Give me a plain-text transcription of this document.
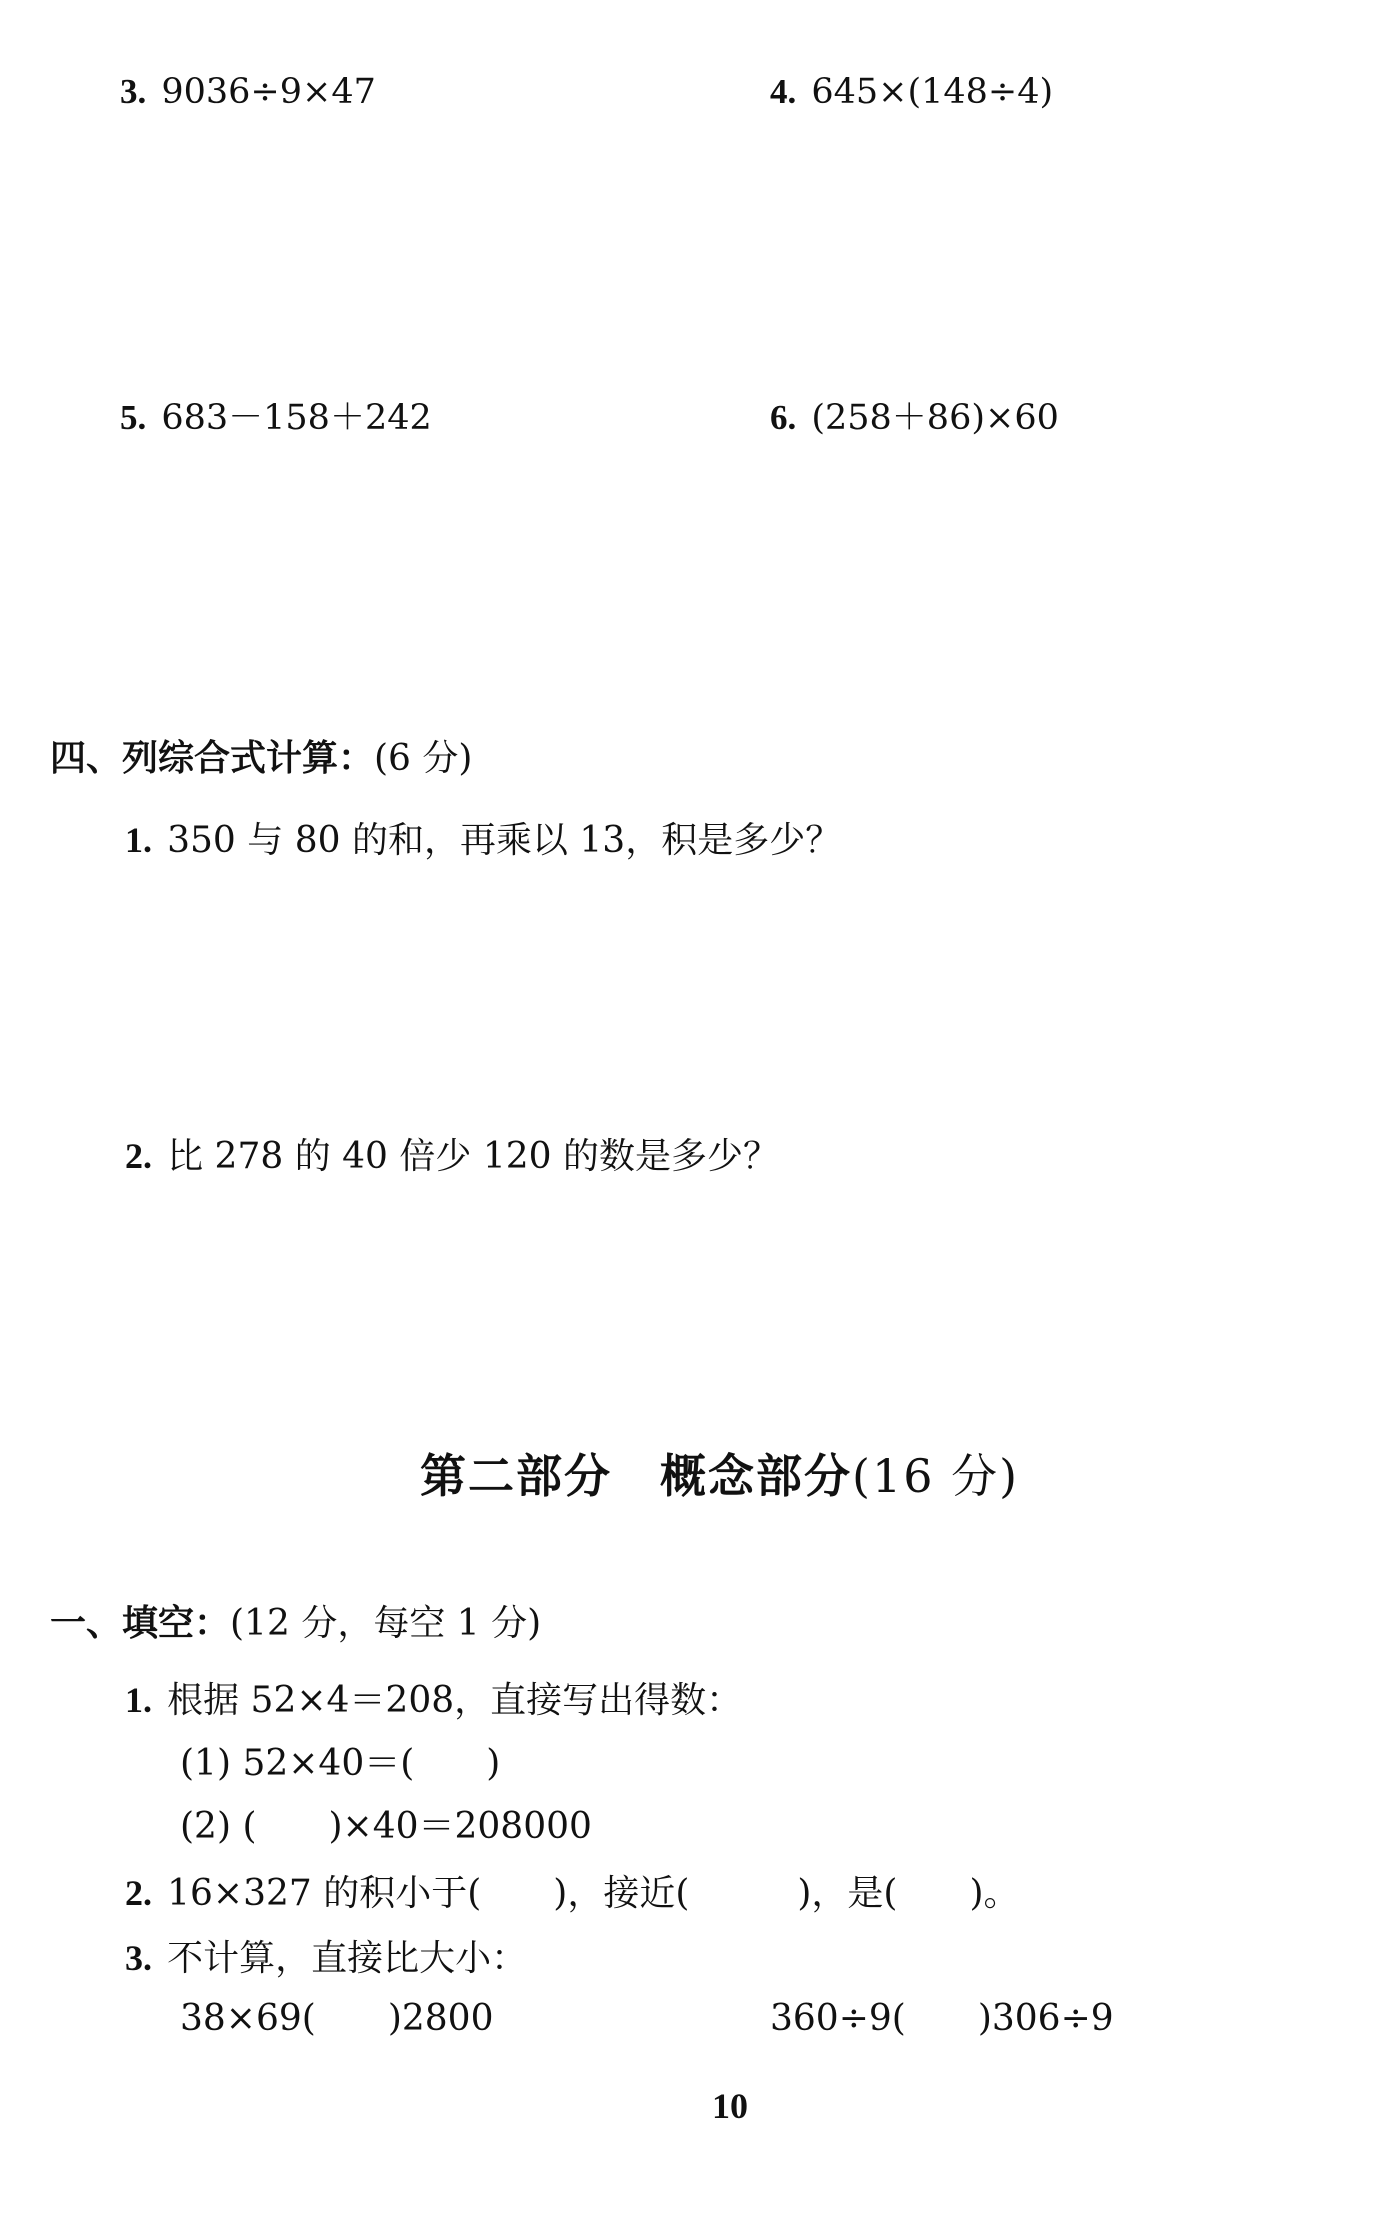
3. 9036÷9×47	4. 645×(148÷4)
5. 683－158＋242	6. (258＋86)×60
四、列综合式计算：(6 分)
1. 350 与 80 的和，再乘以 13，积是多少？
2. 比 278 的 40 倍少 120 的数是多少？
第二部分　概念部分(16 分)
一、填空：(12 分，每空 1 分)
1. 根据 52×4＝208，直接写出得数：
(1) 52×40＝(　　)
(2) (　　)×40＝208000
2. 16×327 的积小于(　　)，接近(　　　)，是(　　)。
3. 不计算，直接比大小：
38×69(　　)2800	360÷9(　　)306÷9
10
